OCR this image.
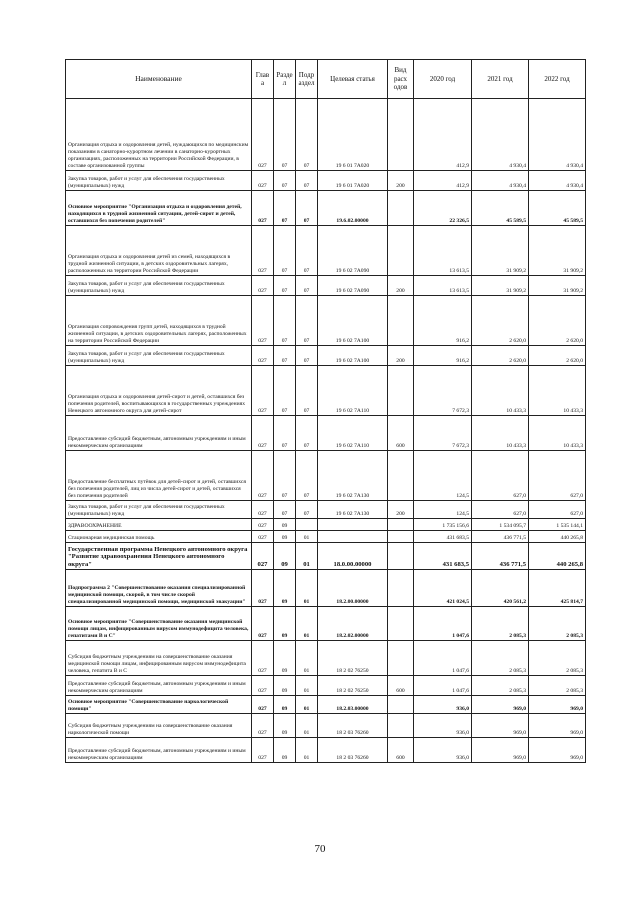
Наименование	Глав а	Разде л	Подр аздел	Целевая статья	Вид расх одов	2020 год	2021 год	2022 год
Организация отдыха и оздоровления детей, нуждающихся по медицинским показаниям в санаторно-курортном лечении в санаторно-курортных организациях, расположенных на территории Российской Федерации, в составе организованной группы	027	07	07	19 6 01 7А020		412,9	4 930,4	4 930,4
Закупка товаров, работ и услуг для обеспечения государственных (муниципальных) нужд	027	07	07	19 6 01 7А020	200	412,9	4 930,4	4 930,4
Основное мероприятие "Организация отдыха и оздоровления детей, находящихся в трудной жизненной ситуации, детей-сирот и детей, оставшихся без попечения родителей"	027	07	07	19.6.02.00000		22 326,5	45 589,5	45 589,5
Организация отдыха и оздоровления детей из семей, находящихся в трудной жизненной ситуации, в детских оздоровительных лагерях, расположенных на территории Российской Федерации	027	07	07	19 6 02 7А090		13 613,5	31 909,2	31 909,2
Закупка товаров, работ и услуг для обеспечения государственных (муниципальных) нужд	027	07	07	19 6 02 7А090	200	13 613,5	31 909,2	31 909,2
Организация сопровождения групп детей, находящихся в трудной жизненной ситуации, в детских оздоровительных лагерях, расположенных на территории Российской Федерации	027	07	07	19 6 02 7А100		916,2	2 620,0	2 620,0
Закупка товаров, работ и услуг для обеспечения государственных (муниципальных) нужд	027	07	07	19 6 02 7А100	200	916,2	2 620,0	2 620,0
Организация отдыха и оздоровления детей-сирот и детей, оставшихся без попечения родителей, воспитывающихся в государственных учреждениях Ненецкого автономного округа для детей-сирот	027	07	07	19 6 02 7А110		7 672,3	10 433,3	10 433,3
Предоставление субсидий бюджетным, автономным учреждениям и иным некоммерческим организациям	027	07	07	19 6 02 7А110	600	7 672,3	10 433,3	10 433,3
Предоставление бесплатных путёвок для детей-сирот и детей, оставшихся без попечения родителей, лиц из числа детей-сирот и детей, оставшихся без попечения родителей	027	07	07	19 6 02 7А130		124,5	627,0	627,0
Закупка товаров, работ и услуг для обеспечения государственных (муниципальных) нужд	027	07	07	19 6 02 7А130	200	124,5	627,0	627,0
ЗДРАВООХРАНЕНИЕ	027	09				1 735 156,6	1 534 095,7	1 535 144,1
Стационарная медицинская помощь	027	09	01			431 683,5	436 771,5	440 265,8
Государственная программа Ненецкого автономного округа "Развитие здравоохранения Ненецкого автономного округа"	027	09	01	18.0.00.00000		431 683,5	436 771,5	440 265,8
Подпрограмма 2 "Совершенствование оказания специализированной медицинской помощи, скорой, в том числе скорой специализированной медицинской помощи, медицинской эвакуации"	027	09	01	18.2.00.00000		421 024,5	420 561,2	425 814,7
Основное мероприятие "Совершенствование оказания медицинской помощи лицам, инфицированным вирусом иммунодефицита человека, гепатитами В и С"	027	09	01	18.2.02.00000		1 047,6	2 085,3	2 085,3
Субсидия бюджетным учреждениям на совершенствование оказания медицинской помощи лицам, инфицированным вирусом иммунодефицита человека, гепатита В и С	027	09	01	18 2 02 76250		1 047,6	2 085,3	2 085,3
Предоставление субсидий бюджетным, автономным учреждениям и иным некоммерческим организациям	027	09	01	18 2 02 76250	600	1 047,6	2 085,3	2 085,3
Основное мероприятие "Совершенствование наркологической помощи"	027	09	01	18.2.03.00000		936,0	969,0	969,0
Субсидия бюджетным учреждениям на совершенствование оказания наркологической помощи	027	09	01	18 2 03 76260		936,0	969,0	969,0
Предоставление субсидий бюджетным, автономным учреждениям и иным некоммерческим организациям	027	09	01	18 2 03 76260	600	936,0	969,0	969,0
70
